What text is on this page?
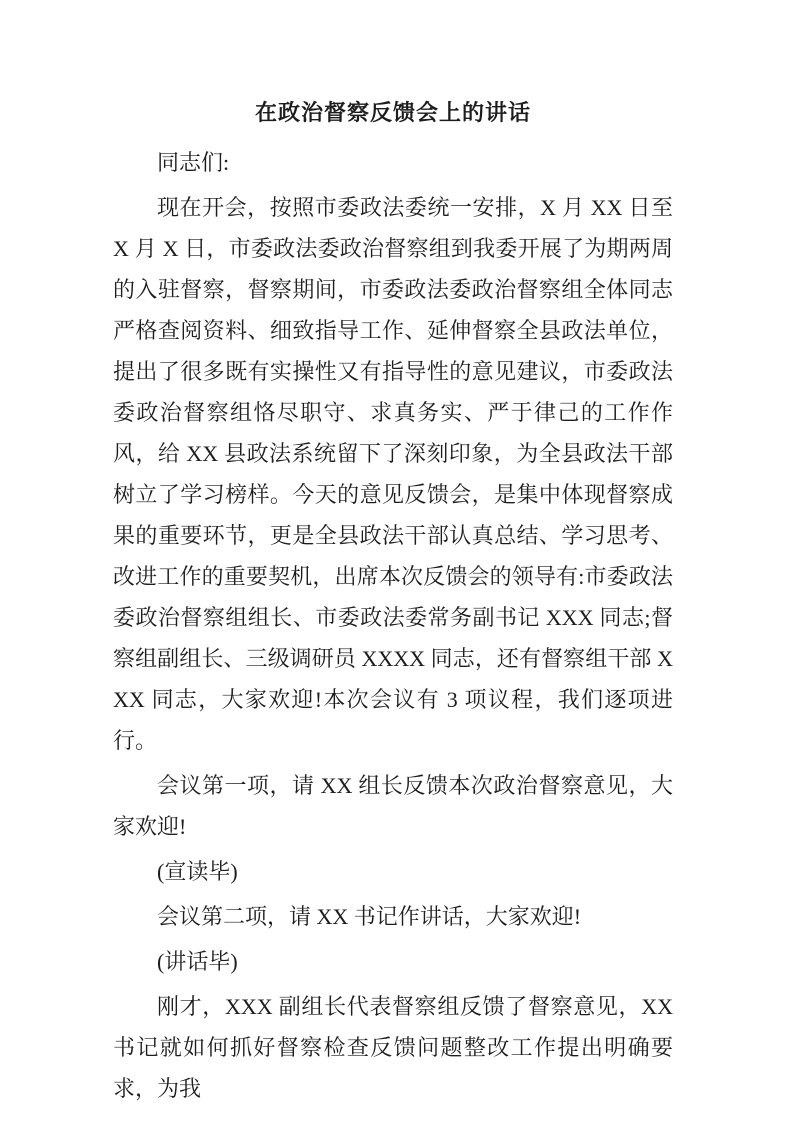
在政治督察反馈会上的讲话

同志们:

现在开会，按照市委政法委统一安排，X 月 XX 日至 X 月 X 日，市委政法委政治督察组到我委开展了为期两周的入驻督察，督察期间，市委政法委政治督察组全体同志严格查阅资料、细致指导工作、延伸督察全县政法单位，提出了很多既有实操性又有指导性的意见建议，市委政法委政治督察组恪尽职守、求真务实、严于律己的工作作风，给 XX 县政法系统留下了深刻印象，为全县政法干部树立了学习榜样。今天的意见反馈会，是集中体现督察成果的重要环节，更是全县政法干部认真总结、学习思考、改进工作的重要契机，出席本次反馈会的领导有:市委政法委政治督察组组长、市委政法委常务副书记 XXX 同志;督察组副组长、三级调研员 XXXX 同志，还有督察组干部 XXX 同志，大家欢迎!本次会议有 3 项议程，我们逐项进行。

会议第一项，请 XX 组长反馈本次政治督察意见，大家欢迎!

(宣读毕)

会议第二项，请 XX 书记作讲话，大家欢迎!

(讲话毕)

刚才，XXX 副组长代表督察组反馈了督察意见，XX 书记就如何抓好督察检查反馈问题整改工作提出明确要求，为我
